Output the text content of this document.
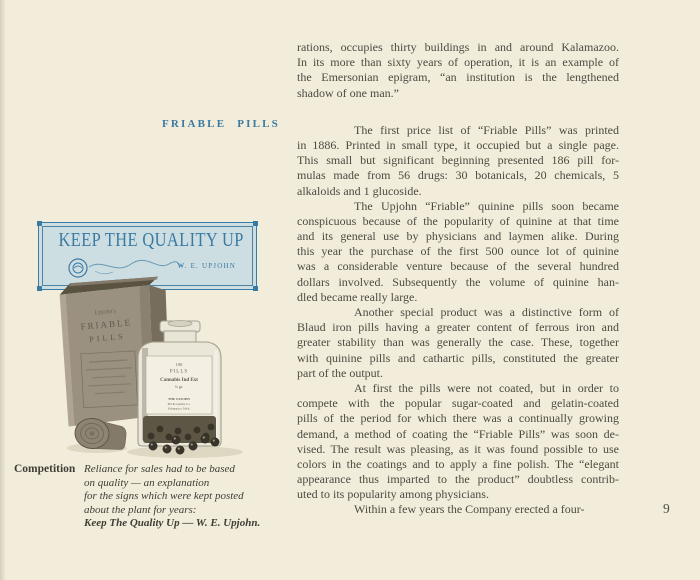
FRIABLE PILLS
KEEP THE QUALITY UP
W. E. UPJOHN
Upjohn's
FRIABLE
PILLS
100
PILLS
Cannabis Ind Ext
¼ gr.
THE UPJOHN
Pill & Granule Co.
Kalamazoo, Mich.
Competition Reliance for sales had to be based
on quality — an explanation
for the signs which were kept posted
about the plant for years:
Keep The Quality Up — W. E. Upjohn.
rations, occupies thirty buildings in and around Kalamazoo.
In its more than sixty years of operation, it is an example of
the Emersonian epigram, “an institution is the lengthened
shadow of one man.”
The first price list of “Friable Pills” was printed
in 1886. Printed in small type, it occupied but a single page.
This small but significant beginning presented 186 pill for-
mulas made from 56 drugs: 30 botanicals, 20 chemicals, 5
alkaloids and 1 glucoside.
The Upjohn “Friable” quinine pills soon became
conspicuous because of the popularity of quinine at that time
and its general use by physicians and laymen alike. During
this year the purchase of the first 500 ounce lot of quinine
was a considerable venture because of the several hundred
dollars involved. Subsequently the volume of quinine han-
dled became really large.
Another special product was a distinctive form of
Blaud iron pills having a greater content of ferrous iron and
greater stability than was generally the case. These, together
with quinine pills and cathartic pills, constituted the greater
part of the output.
At first the pills were not coated, but in order to
compete with the popular sugar-coated and gelatin-coated
pills of the period for which there was a continually growing
demand, a method of coating the “Friable Pills” was soon de-
vised. The result was pleasing, as it was found possible to use
colors in the coatings and to apply a fine polish. The “elegant
appearance thus imparted to the product” doubtless contrib-
uted to its popularity among physicians.
Within a few years the Company erected a four-	9
